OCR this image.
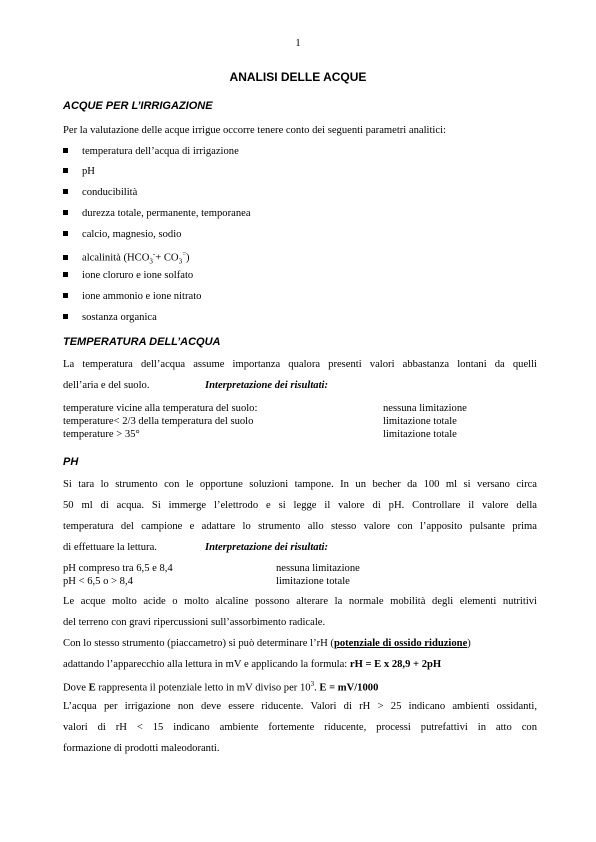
1
ANALISI DELLE ACQUE
ACQUE PER L’IRRIGAZIONE
Per la valutazione delle acque irrigue occorre tenere conto dei seguenti parametri analitici:
temperatura dell’acqua di irrigazione
pH
conducibilità
durezza totale, permanente, temporanea
calcio, magnesio, sodio
alcalinità $(HCO_3^-+ CO_3^=)$
ione cloruro e ione solfato
ione ammonio e ione nitrato
sostanza organica
TEMPERATURA DELL’ACQUA
La temperatura dell’acqua assume importanza qualora presenti valori abbastanza lontani da quelli
dell’aria e del suolo.	Interpretazione dei risultati:
temperature vicine alla temperatura del suolo:	nessuna limitazione
temperature< 2/3 della temperatura del suolo	limitazione totale
temperature > 35°	limitazione totale
PH
Si tara lo strumento con le opportune soluzioni tampone. In un becher da 100 ml si versano circa
50 ml di acqua. Si immerge l’elettrodo e si legge il valore di pH. Controllare il valore della
temperatura del campione e adattare lo strumento allo stesso valore con l’apposito pulsante prima
di effettuare la lettura.	Interpretazione dei risultati:
pH compreso tra 6,5 e 8,4	nessuna limitazione
pH < 6,5 o > 8,4	limitazione totale
Le acque molto acide o molto alcaline possono alterare la normale mobilità degli elementi nutritivi
del terreno con gravi ripercussioni sull’assorbimento radicale.
Con lo stesso strumento (piaccametro) si può determinare l’rH (potenziale di ossido riduzione)
adattando l’apparecchio alla lettura in mV e applicando la formula: rH = E x 28,9 + 2pH
Dove E rappresenta il potenziale letto in mV diviso per $10^3$. E = mV/1000
L’acqua per irrigazione non deve essere riducente. Valori di rH > 25 indicano ambienti ossidanti,
valori di rH < 15 indicano ambiente fortemente riducente, processi putrefattivi in atto con
formazione di prodotti maleodoranti.
